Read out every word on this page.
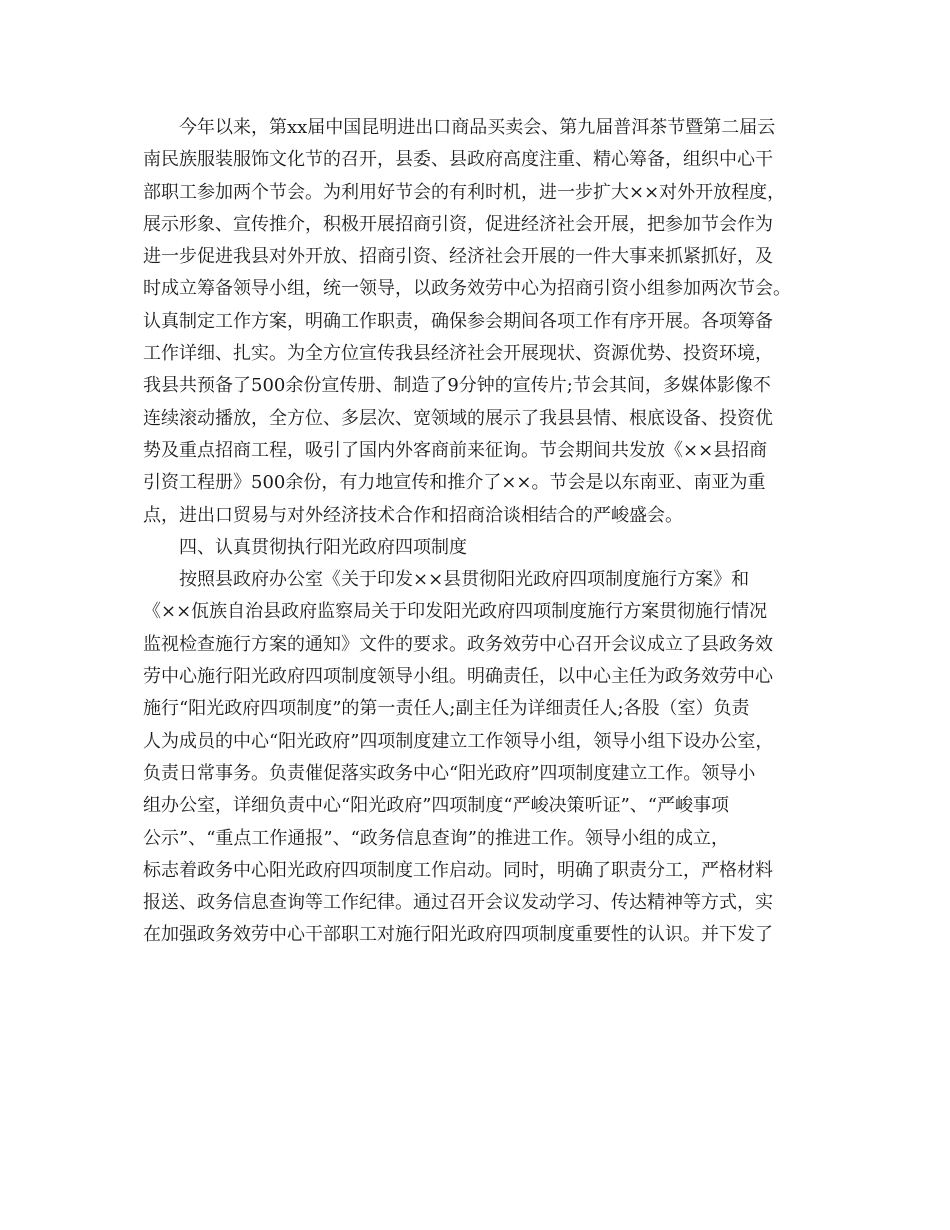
今年以来，第xx届中国昆明进出口商品买卖会、第九届普洱茶节暨第二届云
南民族服装服饰文化节的召开，县委、县政府高度注重、精心筹备，组织中心干
部职工参加两个节会。为利用好节会的有利时机，进一步扩大××对外开放程度，
展示形象、宣传推介，积极开展招商引资，促进经济社会开展，把参加节会作为
进一步促进我县对外开放、招商引资、经济社会开展的一件大事来抓紧抓好，及
时成立筹备领导小组，统一领导，以政务效劳中心为招商引资小组参加两次节会。
认真制定工作方案，明确工作职责，确保参会期间各项工作有序开展。各项筹备
工作详细、扎实。为全方位宣传我县经济社会开展现状、资源优势、投资环境，
我县共预备了500余份宣传册、制造了9分钟的宣传片;节会其间，多媒体影像不
连续滚动播放，全方位、多层次、宽领域的展示了我县县情、根底设备、投资优
势及重点招商工程，吸引了国内外客商前来征询。节会期间共发放《××县招商
引资工程册》500余份，有力地宣传和推介了××。节会是以东南亚、南亚为重
点，进出口贸易与对外经济技术合作和招商洽谈相结合的严峻盛会。
四、认真贯彻执行阳光政府四项制度
按照县政府办公室《关于印发××县贯彻阳光政府四项制度施行方案》和
《××佤族自治县政府监察局关于印发阳光政府四项制度施行方案贯彻施行情况
监视检查施行方案的通知》文件的要求。政务效劳中心召开会议成立了县政务效
劳中心施行阳光政府四项制度领导小组。明确责任，以中心主任为政务效劳中心
施行“阳光政府四项制度”的第一责任人;副主任为详细责任人;各股（室）负责
人为成员的中心“阳光政府”四项制度建立工作领导小组，领导小组下设办公室，
负责日常事务。负责催促落实政务中心“阳光政府”四项制度建立工作。领导小
组办公室，详细负责中心“阳光政府”四项制度“严峻决策听证”、“严峻事项
公示”、“重点工作通报”、“政务信息查询”的推进工作。领导小组的成立，
标志着政务中心阳光政府四项制度工作启动。同时，明确了职责分工，严格材料
报送、政务信息查询等工作纪律。通过召开会议发动学习、传达精神等方式，实
在加强政务效劳中心干部职工对施行阳光政府四项制度重要性的认识。并下发了
